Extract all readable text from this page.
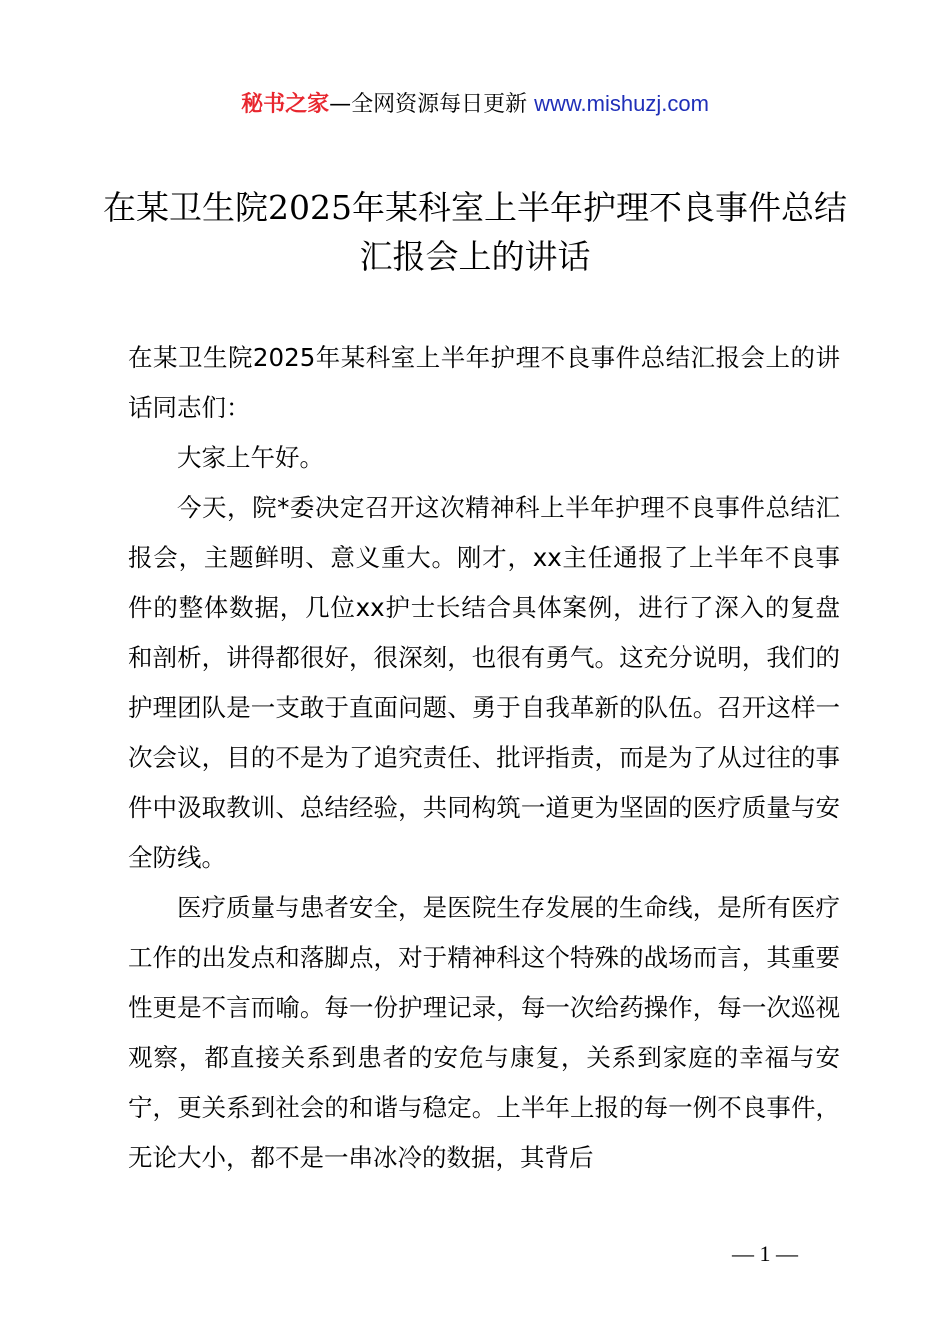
秘书之家—全网资源每日更新 www.mishuzj.com
在某卫生院2025年某科室上半年护理不良事件总结汇报会上的讲话

在某卫生院2025年某科室上半年护理不良事件总结汇报会上的讲话同志们：

大家上午好。

今天，院*委决定召开这次精神科上半年护理不良事件总结汇报会，主题鲜明、意义重大。刚才，xx主任通报了上半年不良事件的整体数据，几位xx护士长结合具体案例，进行了深入的复盘和剖析，讲得都很好，很深刻，也很有勇气。这充分说明，我们的护理团队是一支敢于直面问题、勇于自我革新的队伍。召开这样一次会议，目的不是为了追究责任、批评指责，而是为了从过往的事件中汲取教训、总结经验，共同构筑一道更为坚固的医疗质量与安全防线。

医疗质量与患者安全，是医院生存发展的生命线，是所有医疗工作的出发点和落脚点，对于精神科这个特殊的战场而言，其重要性更是不言而喻。每一份护理记录，每一次给药操作，每一次巡视观察，都直接关系到患者的安危与康复，关系到家庭的幸福与安宁，更关系到社会的和谐与稳定。上半年上报的每一例不良事件，无论大小，都不是一串冰冷的数据，其背后

— 1 —
